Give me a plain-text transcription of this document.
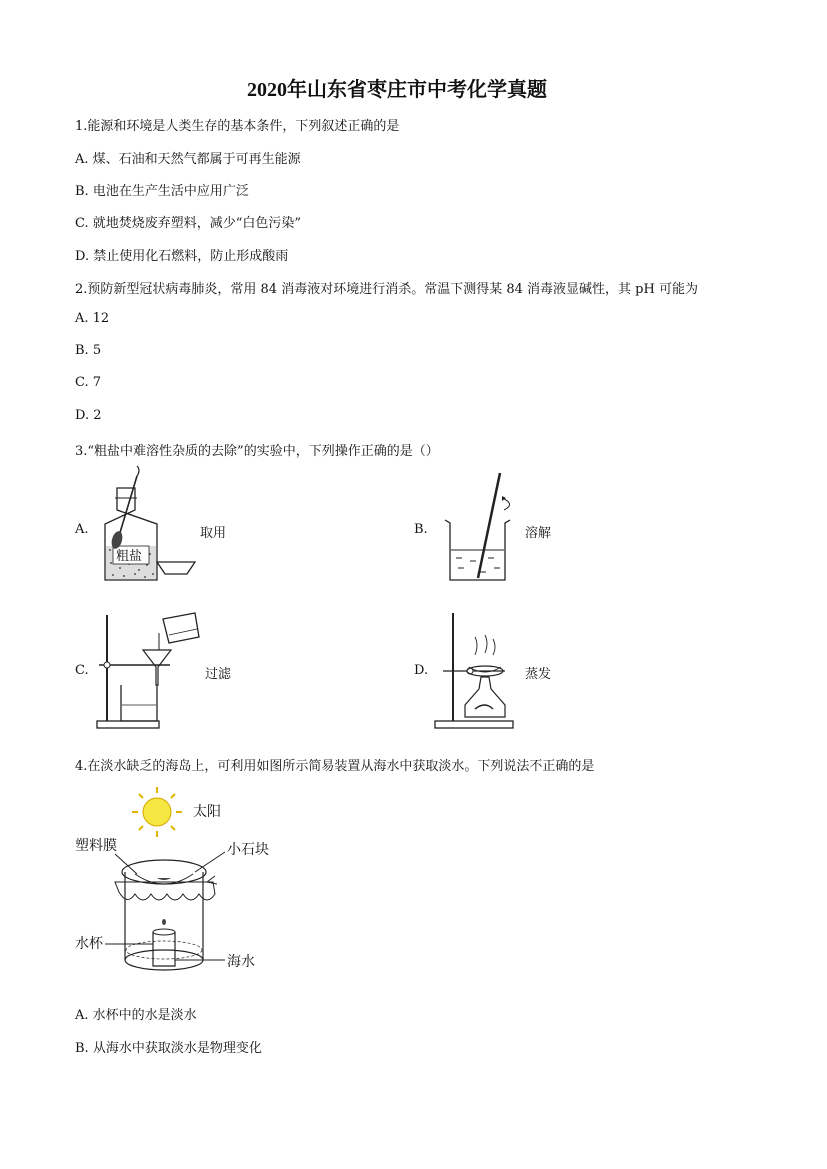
2020年山东省枣庄市中考化学真题
1.能源和环境是人类生存的基本条件，下列叙述正确的是
A. 煤、石油和天然气都属于可再生能源
B. 电池在生产生活中应用广泛
C. 就地焚烧废弃塑料，减少“白色污染”
D. 禁止使用化石燃料，防止形成酸雨
2.预防新型冠状病毒肺炎，常用 84 消毒液对环境进行消杀。常温下测得某 84 消毒液显碱性，其 pH 可能为
A. 12
B. 5
C. 7
D. 2
3.“粗盐中难溶性杂质的去除”的实验中，下列操作正确的是（）
A.	取用
粗盐
B.	溶解
C.	过滤	D.	蒸发
4.在淡水缺乏的海岛上，可利用如图所示简易装置从海水中获取淡水。下列说法不正确的是
太阳
塑料膜	小石块
水杯
海水
A. 水杯中的水是淡水
B. 从海水中获取淡水是物理变化
